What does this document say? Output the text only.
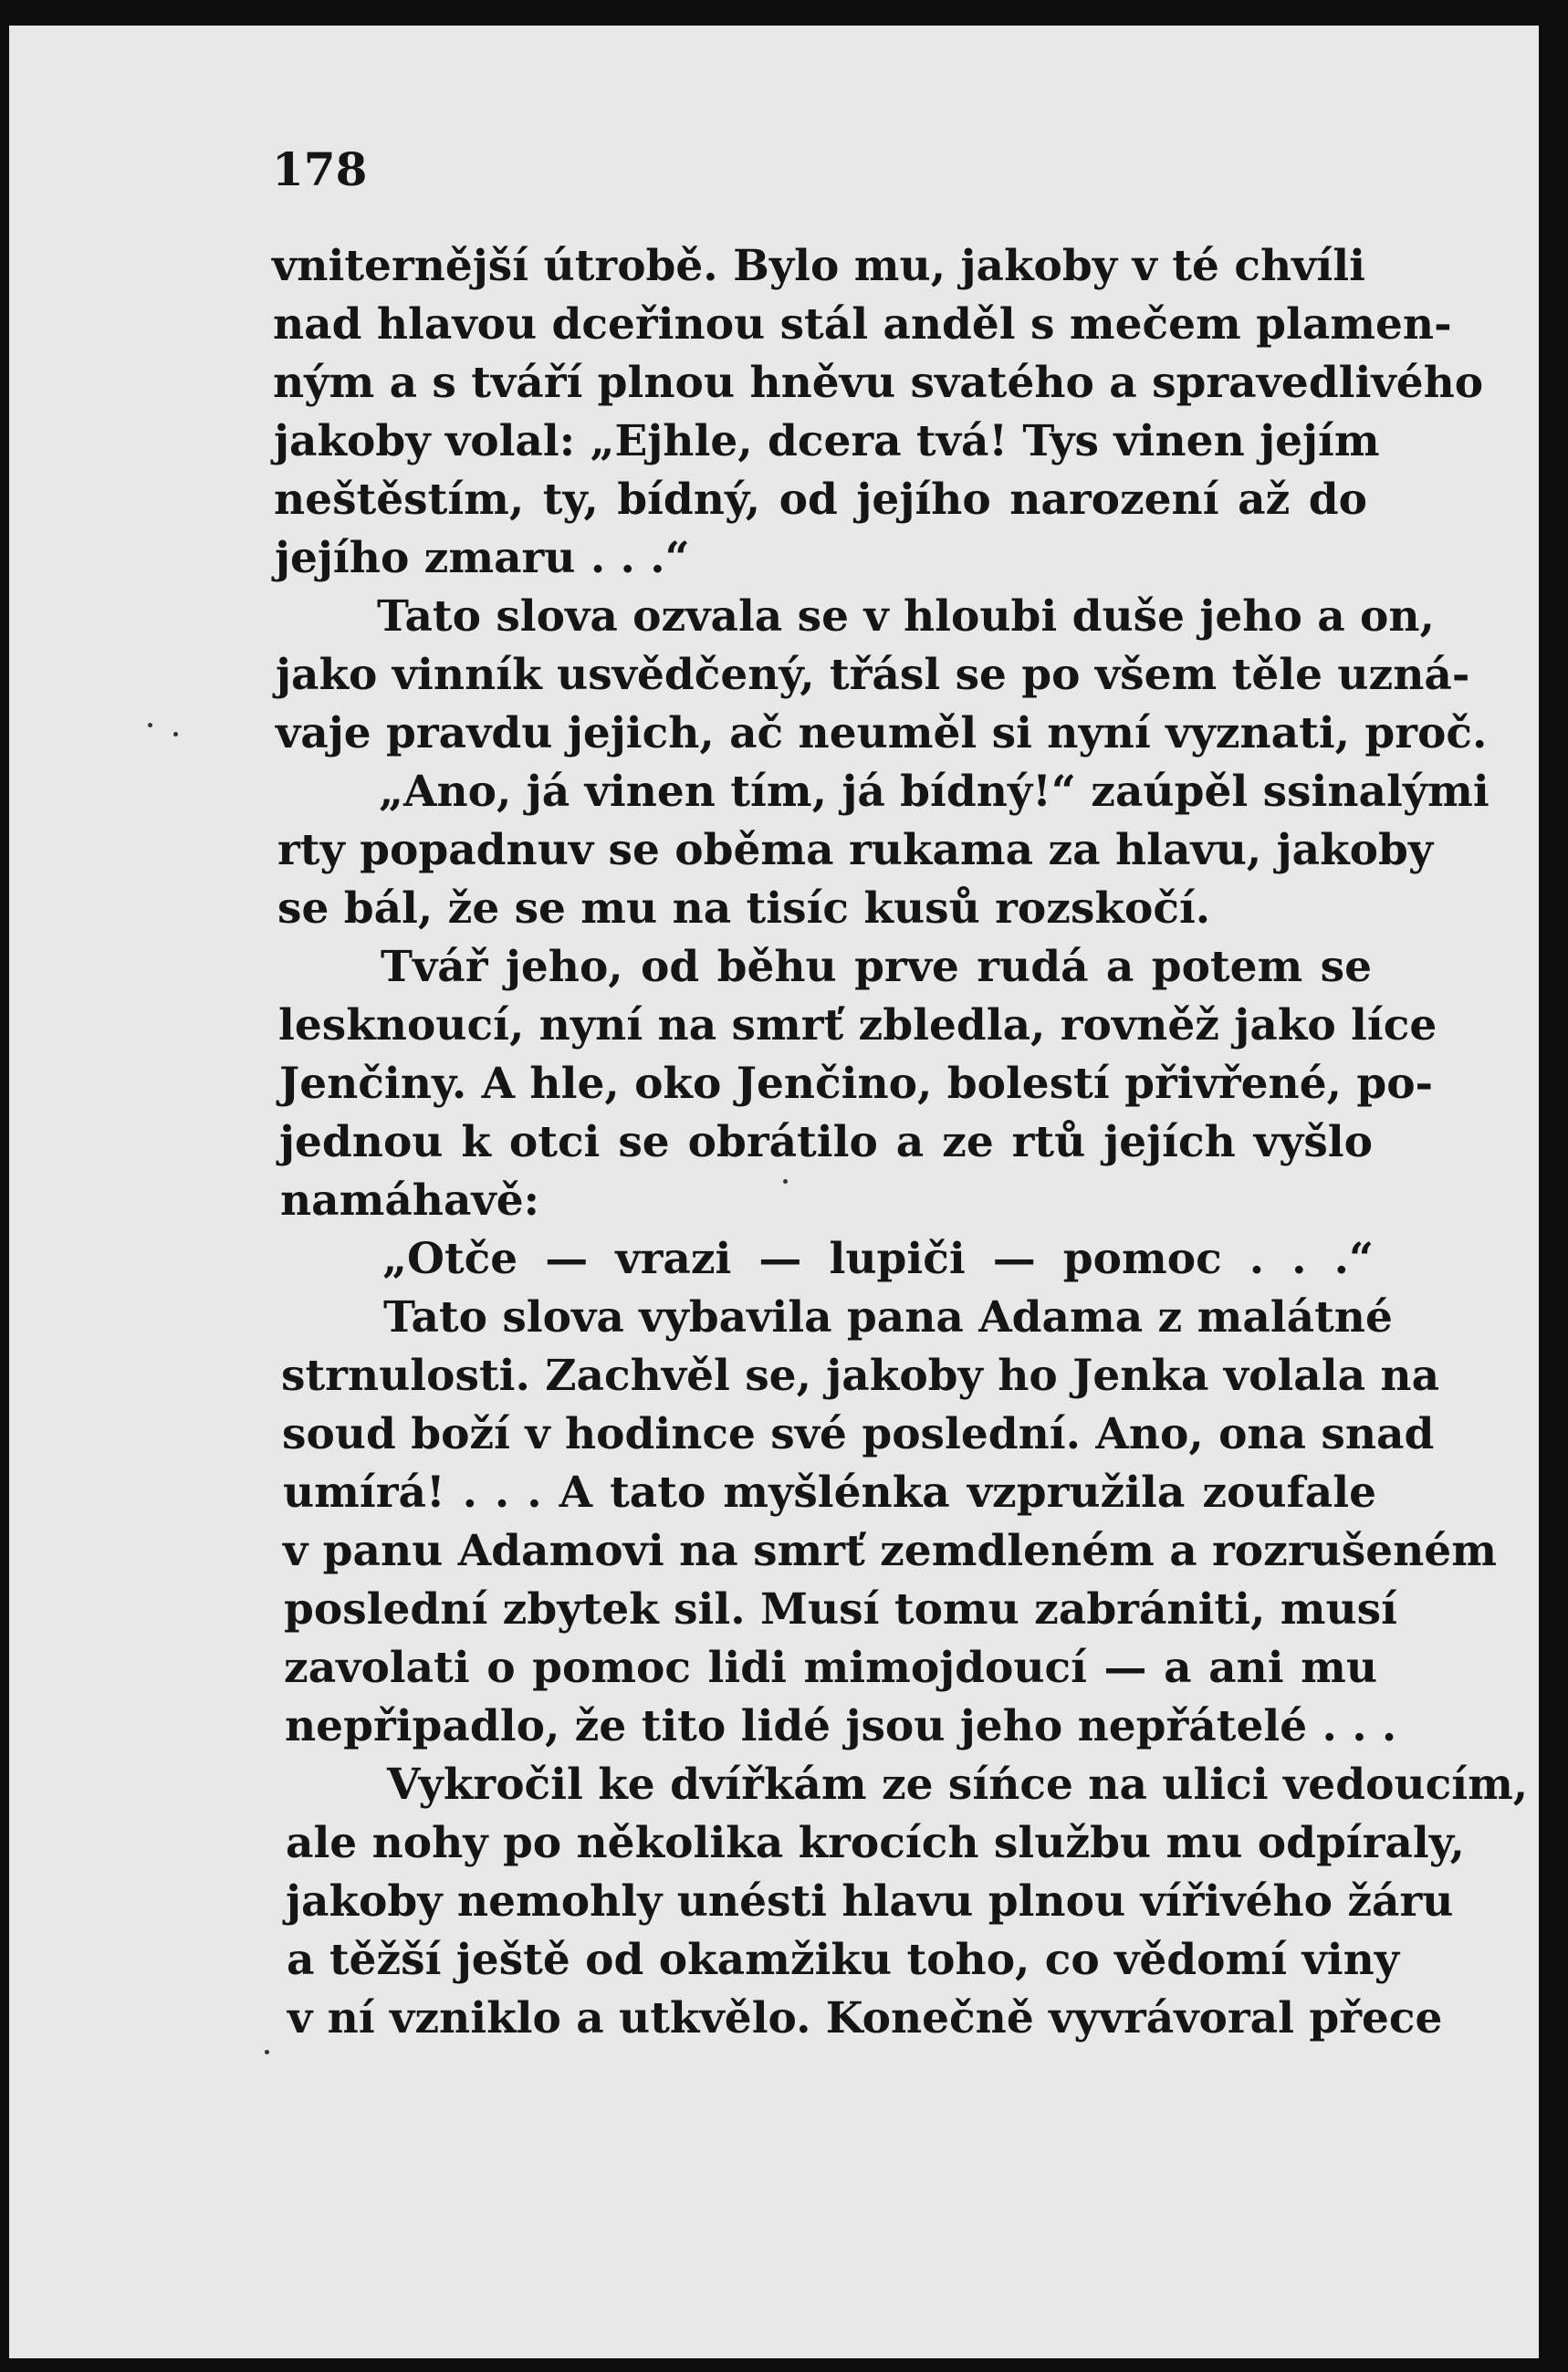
178
vniternější útrobě. Bylo mu, jakoby v té chvíli
nad hlavou dceřinou stál anděl s mečem plamen-
ným a s tváří plnou hněvu svatého a spravedlivého
jakoby volal: „Ejhle, dcera tvá! Tys vinen jejím
neštěstím, ty, bídný, od jejího narození až do
jejího zmaru . . .“
Tato slova ozvala se v hloubi duše jeho a on,
jako vinník usvědčený, třásl se po všem těle uzná-
vaje pravdu jejich, ač neuměl si nyní vyznati, proč.
„Ano, já vinen tím, já bídný!“ zaúpěl ssinalými
rty popadnuv se oběma rukama za hlavu, jakoby
se bál, že se mu na tisíc kusů rozskočí.
Tvář jeho, od běhu prve rudá a potem se
lesknoucí, nyní na smrť zbledla, rovněž jako líce
Jenčiny. A hle, oko Jenčino, bolestí přivřené, po-
jednou k otci se obrátilo a ze rtů jejích vyšlo
namáhavě:
„Otče — vrazi — lupiči — pomoc . . .“
Tato slova vybavila pana Adama z malátné
strnulosti. Zachvěl se, jakoby ho Jenka volala na
soud boží v hodince své poslední. Ano, ona snad
umírá! . . . A tato myšlénka vzpružila zoufale
v panu Adamovi na smrť zemdleném a rozrušeném
poslední zbytek sil. Musí tomu zabrániti, musí
zavolati o pomoc lidi mimojdoucí — a ani mu
nepřipadlo, že tito lidé jsou jeho nepřátelé . . .
Vykročil ke dvířkám ze síńce na ulici vedoucím,
ale nohy po několika krocích službu mu odpíraly,
jakoby nemohly unésti hlavu plnou vířivého žáru
a těžší ještě od okamžiku toho, co vědomí viny
v ní vzniklo a utkvělo. Konečně vyvrávoral přece
